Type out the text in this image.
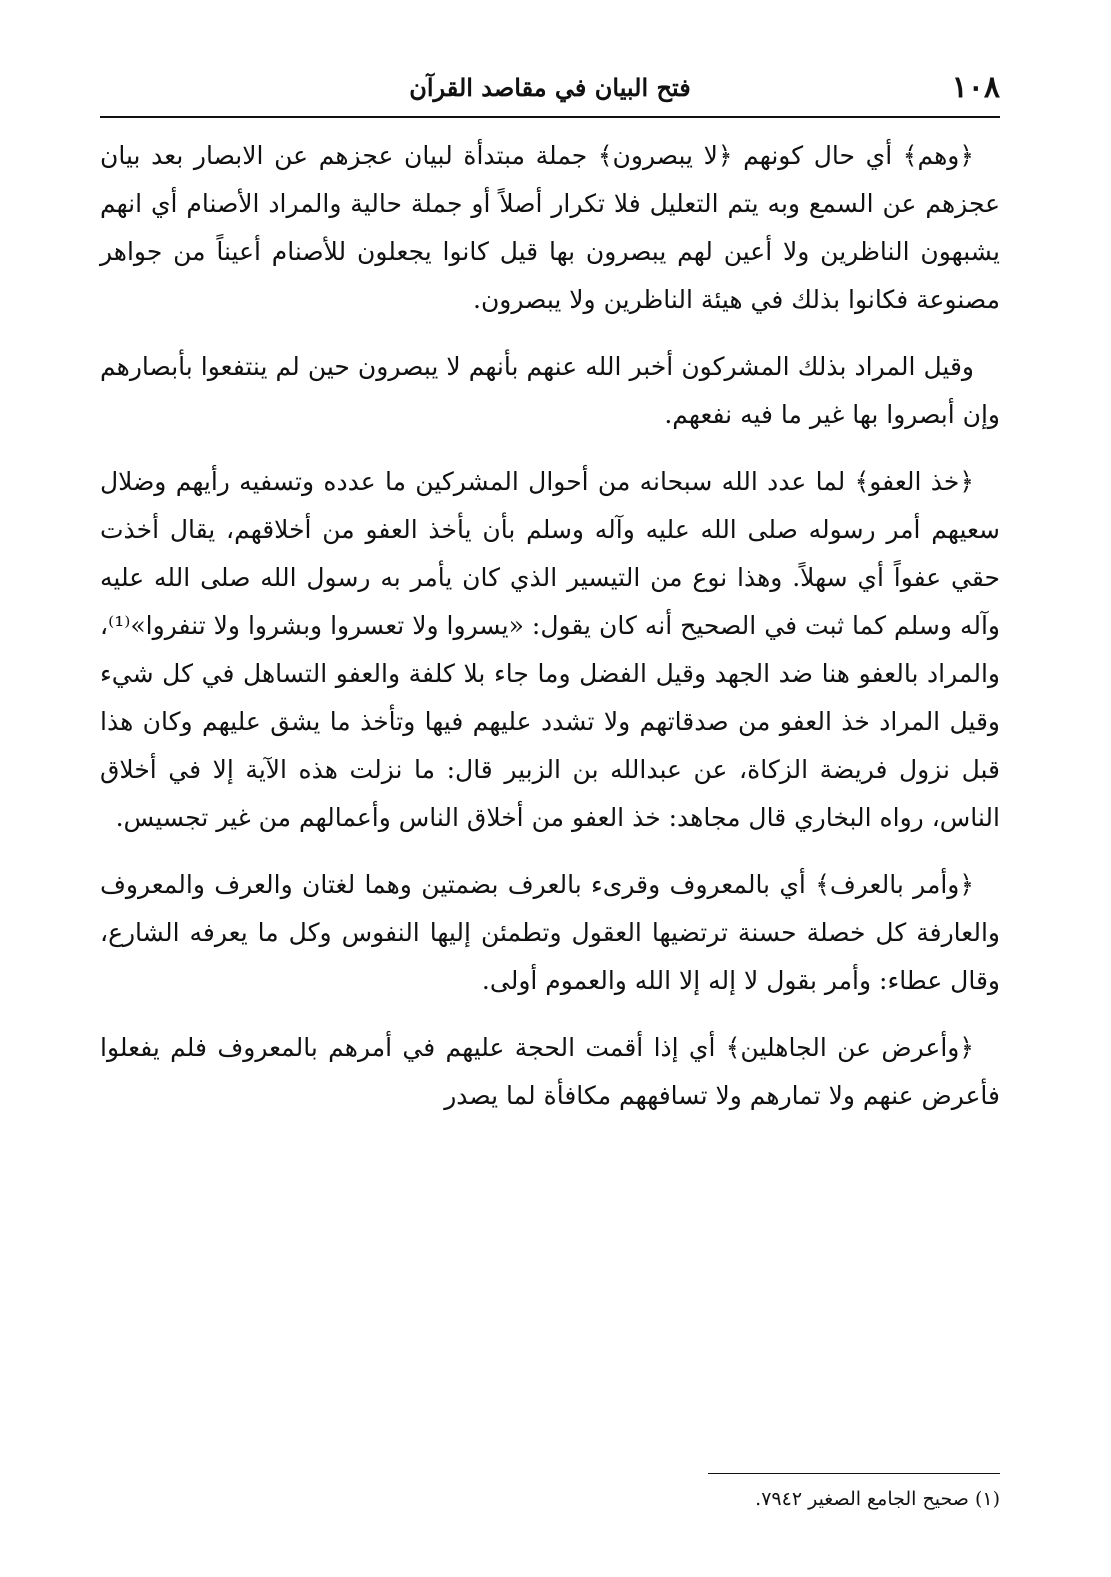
١٠٨
فتح البيان في مقاصد القرآن

﴿وهم﴾ أي حال كونهم ﴿لا يبصرون﴾ جملة مبتدأة لبيان عجزهم عن الابصار بعد بيان عجزهم عن السمع وبه يتم التعليل فلا تكرار أصلاً أو جملة حالية والمراد الأصنام أي انهم يشبهون الناظرين ولا أعين لهم يبصرون بها قيل كانوا يجعلون للأصنام أعيناً من جواهر مصنوعة فكانوا بذلك في هيئة الناظرين ولا يبصرون.

وقيل المراد بذلك المشركون أخبر الله عنهم بأنهم لا يبصرون حين لم ينتفعوا بأبصارهم وإن أبصروا بها غير ما فيه نفعهم.

﴿خذ العفو﴾ لما عدد الله سبحانه من أحوال المشركين ما عدده وتسفيه رأيهم وضلال سعيهم أمر رسوله صلى الله عليه وآله وسلم بأن يأخذ العفو من أخلاقهم، يقال أخذت حقي عفواً أي سهلاً. وهذا نوع من التيسير الذي كان يأمر به رسول الله صلى الله عليه وآله وسلم كما ثبت في الصحيح أنه كان يقول: «يسروا ولا تعسروا وبشروا ولا تنفروا»⁽¹⁾، والمراد بالعفو هنا ضد الجهد وقيل الفضل وما جاء بلا كلفة والعفو التساهل في كل شيء وقيل المراد خذ العفو من صدقاتهم ولا تشدد عليهم فيها وتأخذ ما يشق عليهم وكان هذا قبل نزول فريضة الزكاة، عن عبدالله بن الزبير قال: ما نزلت هذه الآية إلا في أخلاق الناس، رواه البخاري قال مجاهد: خذ العفو من أخلاق الناس وأعمالهم من غير تجسيس.

﴿وأمر بالعرف﴾ أي بالمعروف وقرىء بالعرف بضمتين وهما لغتان والعرف والمعروف والعارفة كل خصلة حسنة ترتضيها العقول وتطمئن إليها النفوس وكل ما يعرفه الشارع، وقال عطاء: وأمر بقول لا إله إلا الله والعموم أولى.

﴿وأعرض عن الجاهلين﴾ أي إذا أقمت الحجة عليهم في أمرهم بالمعروف فلم يفعلوا فأعرض عنهم ولا تمارهم ولا تسافههم مكافأة لما يصدر

(١) صحيح الجامع الصغير ٧٩٤٢.
